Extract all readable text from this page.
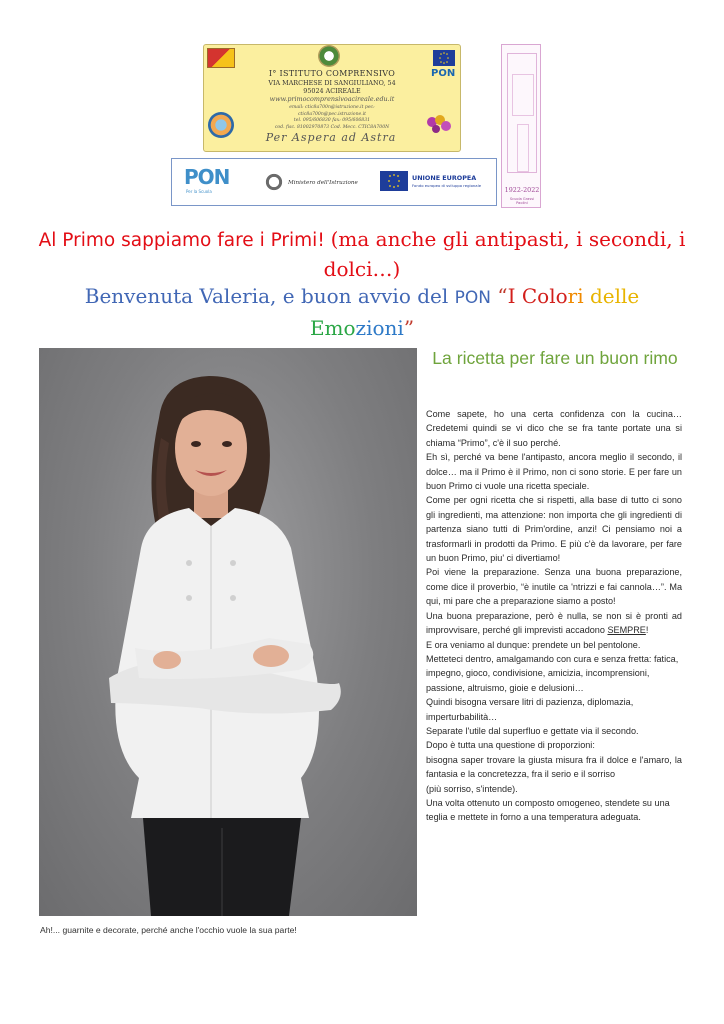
I° ISTITUTO COMPRENSIVO
VIA MARCHESE DI SANGIULIANO, 54
95024 ACIREALE
www.primocomprensivoacireale.edu.it
email: ctic8a700n@istruzione.it pec: ctic8a700n@pec.istruzione.it
tel. 095/606830 fax: 095/606831
cod. fisc. 81002970873 Cod. Mecc. CTIC8A700N
PON
Per Aspera ad Astra
1922-2022
Scuola Grassi Paolini
PON
Per la Scuola
Ministero dell'Istruzione
UNIONE EUROPEA
Fondo europeo di sviluppo regionale
Al Primo sappiamo fare i Primi! (ma anche gli antipasti, i secondi, i dolci…)
Benvenuta Valeria, e buon avvio del PON “I Colori delle
Emozioni”
Ah!... guarnite e decorate, perché anche l'occhio vuole la sua parte!
La ricetta per fare un buon rimo

Come sapete, ho una certa confidenza con la cucina… Credetemi quindi se vi dico che se fra tante portate una si chiama “Primo”, c'è il suo perché.

Eh sì, perché va bene l'antipasto, ancora meglio il secondo, il dolce… ma il Primo è il Primo, non ci sono storie. E per fare un buon Primo ci vuole una ricetta speciale.

Come per ogni ricetta che si rispetti, alla base di tutto ci sono gli ingredienti, ma attenzione: non importa che gli ingredienti di partenza siano tutti di Prim'ordine, anzi! Ci pensiamo noi a trasformarli in prodotti da Primo. E più c'è da lavorare, per fare un buon Primo, piu' ci divertiamo!

Poi viene la preparazione. Senza una buona preparazione, come dice il proverbio, “è inutile ca 'ntrizzi e fai cannola…”. Ma qui, mi pare che a preparazione siamo a posto!

Una buona preparazione, però è nulla, se non si è pronti ad improvvisare, perché gli imprevisti accadono SEMPRE!

E ora veniamo al dunque: prendete un bel pentolone.

Metteteci dentro, amalgamando con cura e senza fretta: fatica, impegno, gioco, condivisione, amicizia, incomprensioni, passione, altruismo, gioie e delusioni…

Quindi bisogna versare litri di pazienza, diplomazia, imperturbabilità…

Separate l'utile dal superfluo e gettate via il secondo.

Dopo è tutta una questione di proporzioni:

bisogna saper trovare la giusta misura fra il dolce e l'amaro, la fantasia e la concretezza, fra il serio e il sorriso

(più sorriso, s'intende).

Una volta ottenuto un composto omogeneo, stendete su una teglia e mettete in forno a una temperatura adeguata.
